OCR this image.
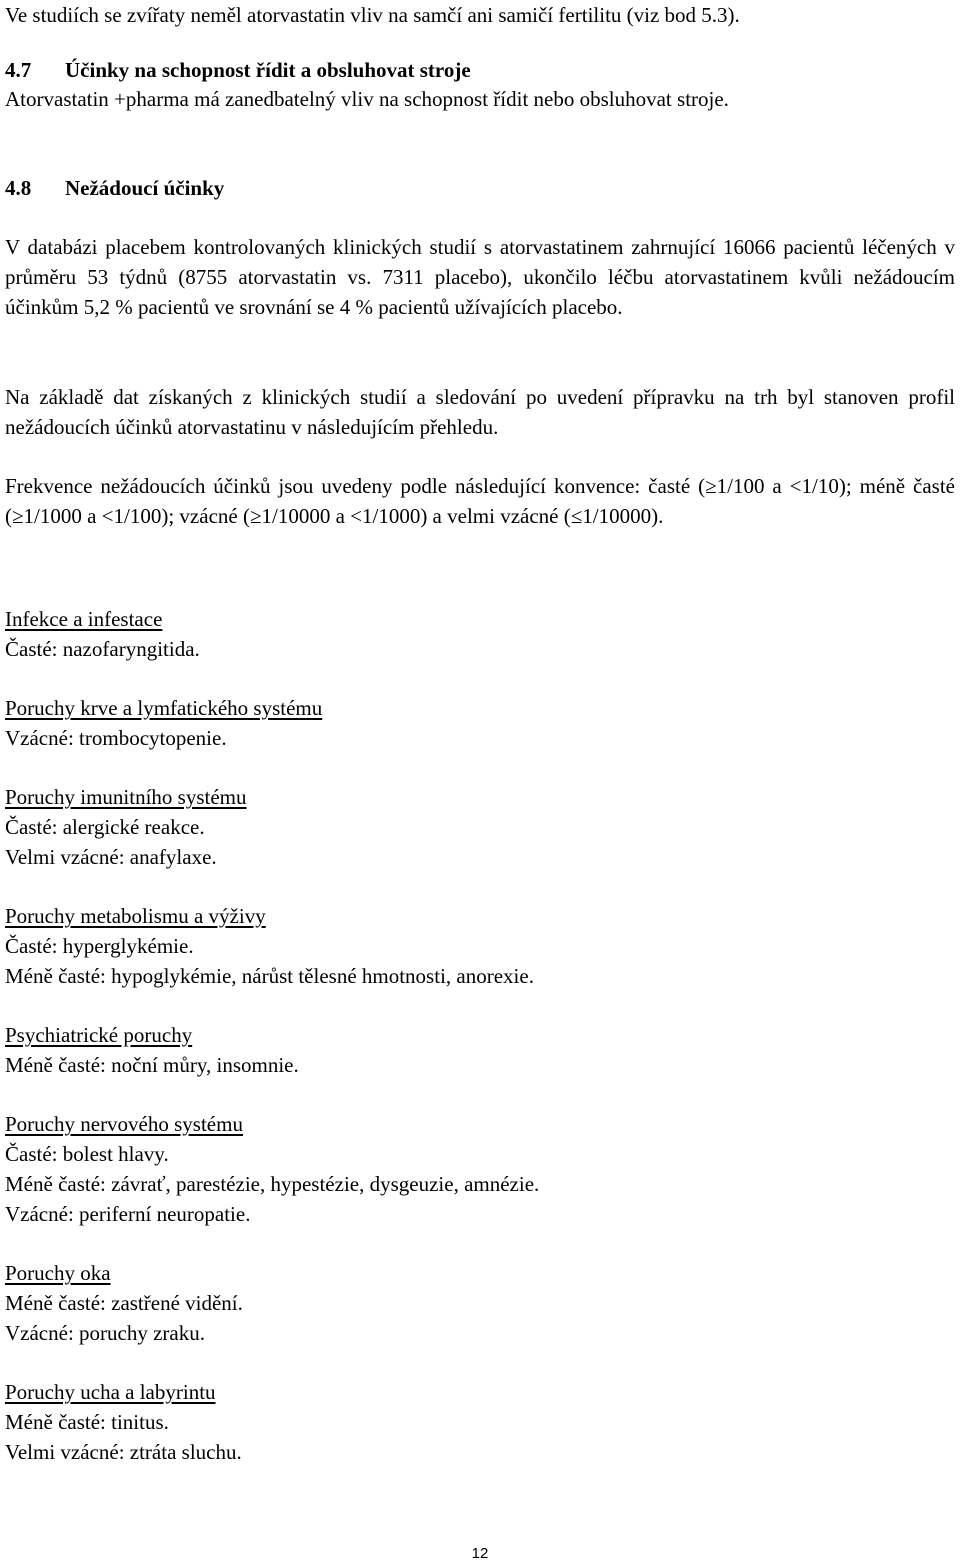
Ve studiích se zvířaty neměl atorvastatin vliv na samčí ani samičí fertilitu (viz bod 5.3).

4.7 Účinky na schopnost řídit a obsluhovat stroje

Atorvastatin +pharma má zanedbatelný vliv na schopnost řídit nebo obsluhovat stroje.

4.8 Nežádoucí účinky

V databázi placebem kontrolovaných klinických studií s atorvastatinem zahrnující 16066 pacientů léčených v průměru 53 týdnů (8755 atorvastatin vs. 7311 placebo), ukončilo léčbu atorvastatinem kvůli nežádoucím účinkům 5,2 % pacientů ve srovnání se 4 % pacientů užívajících placebo.

Na základě dat získaných z klinických studií a sledování po uvedení přípravku na trh byl stanoven profil nežádoucích účinků atorvastatinu v následujícím přehledu.

Frekvence nežádoucích účinků jsou uvedeny podle následující konvence: časté (≥1/100 a <1/10); méně časté (≥1/1000 a <1/100); vzácné (≥1/10000 a <1/1000) a velmi vzácné (≤1/10000).

Infekce a infestace

Časté: nazofaryngitida.

Poruchy krve a lymfatického systému

Vzácné: trombocytopenie.

Poruchy imunitního systému

Časté: alergické reakce.

Velmi vzácné: anafylaxe.

Poruchy metabolismu a výživy

Časté: hyperglykémie.

Méně časté: hypoglykémie, nárůst tělesné hmotnosti, anorexie.

Psychiatrické poruchy

Méně časté: noční můry, insomnie.

Poruchy nervového systému

Časté: bolest hlavy.

Méně časté: závrať, parestézie, hypestézie, dysgeuzie, amnézie.

Vzácné: periferní neuropatie.

Poruchy oka

Méně časté: zastřené vidění.

Vzácné: poruchy zraku.

Poruchy ucha a labyrintu

Méně časté: tinitus.

Velmi vzácné: ztráta sluchu.

12
